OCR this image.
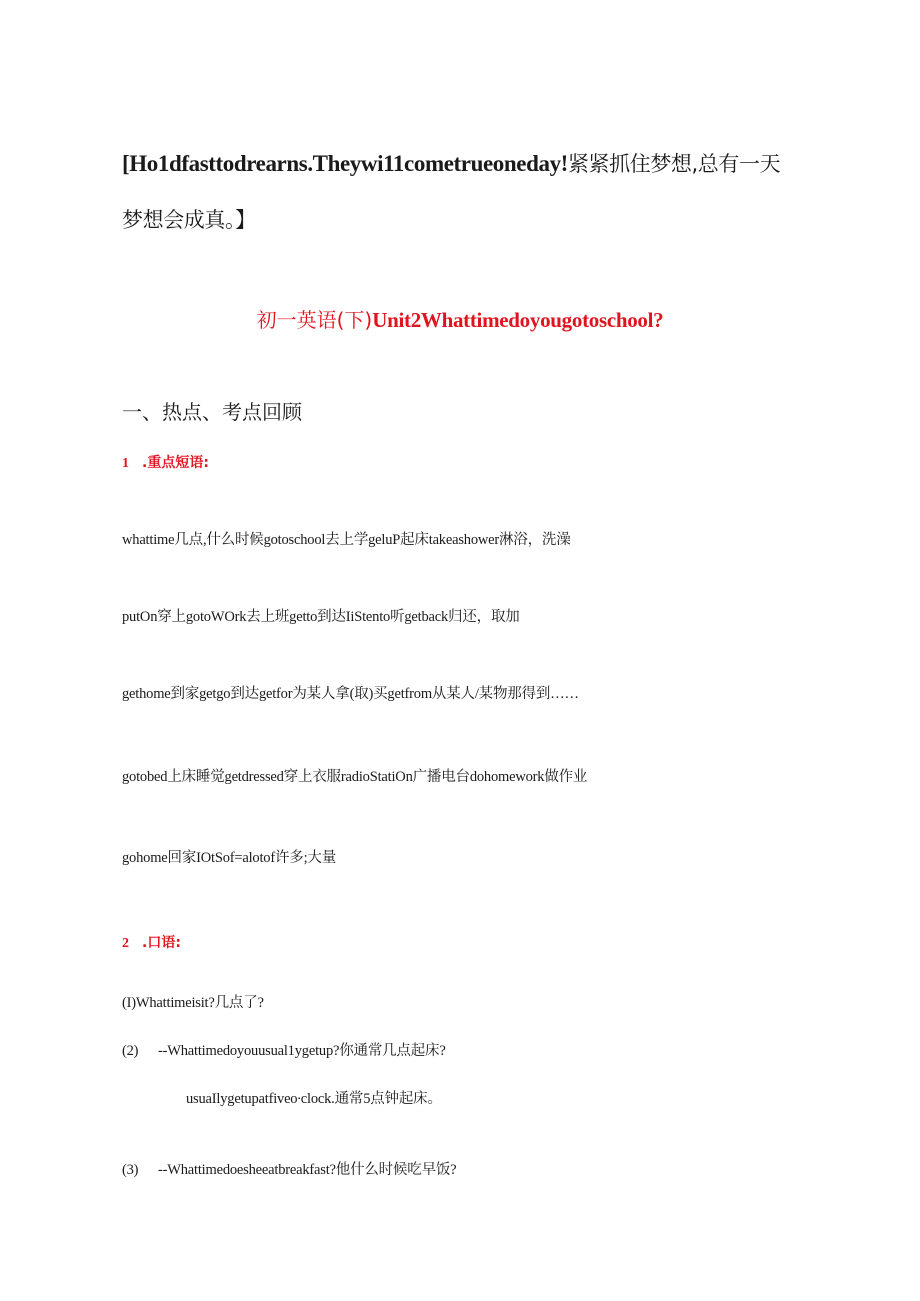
[Ho1dfasttodrearns.Theywi11cometrueoneday!紧紧抓住梦想,总有一天
梦想会成真。】
初一英语(下)Unit2Whattimedoyougotoschool?
一、热点、考点回顾
1 .重点短语:
whattime几点,什么时候gotoschool去上学geluP起床takeashower淋浴，洗澡
putOn穿上gotoWOrk去上班getto到达IiStento听getback归还，取加
gethome到家getgo到达getfor为某人拿(取)买getfrom从某人/某物那得到……
gotobed上床睡觉getdressed穿上衣服radioStatiOn广播电台dohomework做作业
gohome回家IOtSof=alotof许多;大量
2 .口语:
(I)Whattimeisit?几点了?
(2) --Whattimedoyouusual1ygetup?你通常几点起床?
usuaIlygetupatfiveo∙clock.通常5点钟起床。
(3) --Whattimedoesheeatbreakfast?他什么时候吃早饭?
